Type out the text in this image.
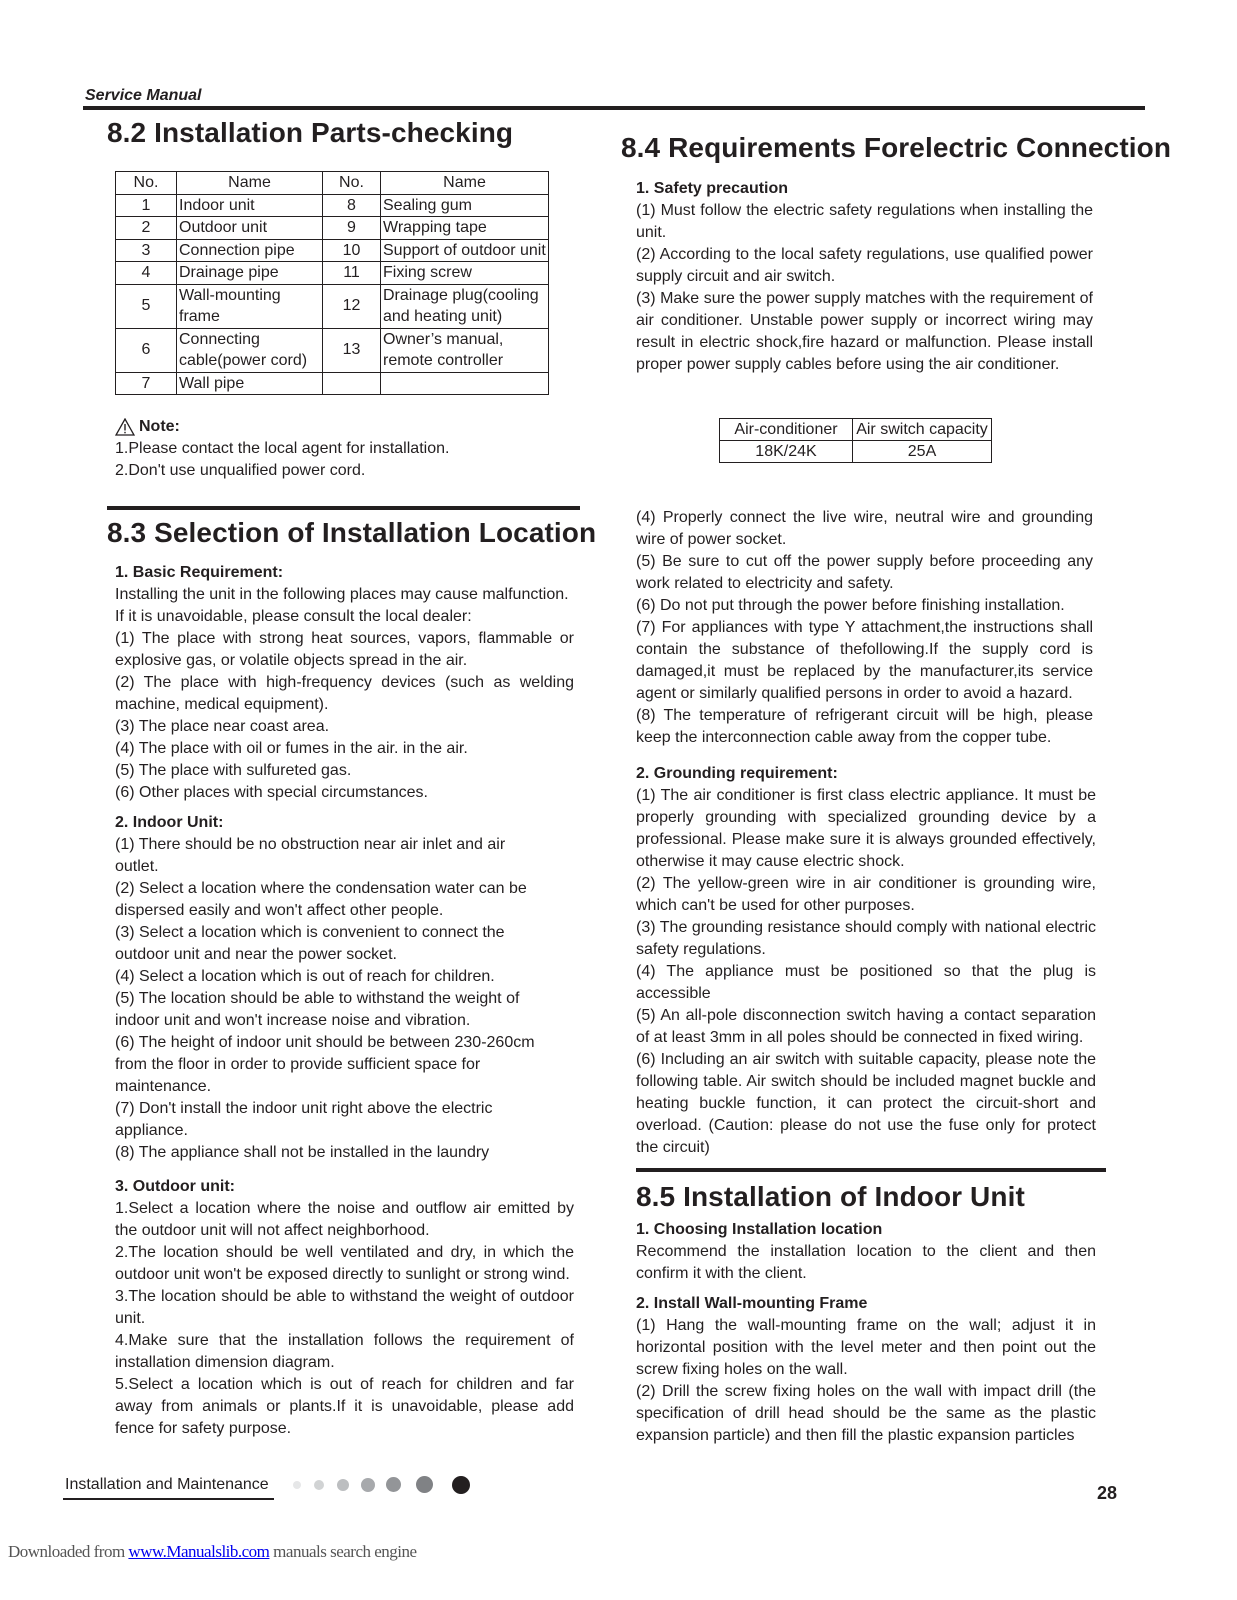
Service Manual
8.2 Installation Parts-checking
No.	Name	No.	Name
1	Indoor unit	8	Sealing gum
2	Outdoor unit	9	Wrapping tape
3	Connection pipe	10	Support of outdoor unit
4	Drainage pipe	11	Fixing screw
5	Wall-mounting frame	12	Drainage plug(cooling and heating unit)
6	Connecting cable(power cord)	13	Owner’s manual, remote controller
7	Wall pipe		
Note:

1.Please contact the local agent for installation.

2.Don't use unqualified power cord.

8.3 Selection of Installation Location
1. Basic Requirement:

Installing the unit in the following places may cause malfunction. If it is unavoidable, please consult the local dealer:

(1) The place with strong heat sources, vapors, flammable or explosive gas, or volatile objects spread in the air.

(2) The place with high-frequency devices (such as welding machine, medical equipment).

(3) The place near coast area.

(4) The place with oil or fumes in the air. in the air.

(5) The place with sulfureted gas.

(6) Other places with special circumstances.

2. Indoor Unit:

(1) There should be no obstruction near air inlet and air outlet.

(2) Select a location where the condensation water can be dispersed easily and won't affect other people.

(3) Select a location which is convenient to connect the outdoor unit and near the power socket.

(4) Select a location which is out of reach for children.

(5) The location should be able to withstand the weight of indoor unit and won't increase noise and vibration.

(6) The height of indoor unit should be between 230-260cm from the floor in order to provide sufficient space for maintenance.

(7) Don't install the indoor unit right above the electric appliance.

(8) The appliance shall not be installed in the laundry

3. Outdoor unit:

1.Select a location where the noise and outflow air emitted by the outdoor unit will not affect neighborhood.

2.The location should be well ventilated and dry, in which the outdoor unit won't be exposed directly to sunlight or strong wind.

3.The location should be able to withstand the weight of outdoor unit.

4.Make sure that the installation follows the requirement of installation dimension diagram.

5.Select a location which is out of reach for children and far away from animals or plants.If it is unavoidable, please add fence for safety purpose.

8.4 Requirements Forelectric Connection
1. Safety precaution

(1) Must follow the electric safety regulations when installing the unit.

(2) According to the local safety regulations, use qualified power supply circuit and air switch.

(3) Make sure the power supply matches with the requirement of air conditioner. Unstable power supply or incorrect wiring may result in electric shock,fire hazard or malfunction. Please install proper power supply cables before using the air conditioner.

Air-conditioner	Air switch capacity
18K/24K	25A

(4) Properly connect the live wire, neutral wire and grounding wire of power socket.

(5) Be sure to cut off the power supply before proceeding any work related to electricity and safety.

(6) Do not put through the power before finishing installation.

(7) For appliances with type Y attachment,the instructions shall contain the substance of thefollowing.If the supply cord is damaged,it must be replaced by the manufacturer,its service agent or similarly qualified persons in order to avoid a hazard.

(8) The temperature of refrigerant circuit will be high, please keep the interconnection cable away from the copper tube.

2. Grounding requirement:

(1) The air conditioner is first class electric appliance. It must be properly grounding with specialized grounding device by a professional. Please make sure it is always grounded effectively, otherwise it may cause electric shock.

(2) The yellow-green wire in air conditioner is grounding wire, which can't be used for other purposes.

(3) The grounding resistance should comply with national electric safety regulations.

(4) The appliance must be positioned so that the plug is accessible

(5) An all-pole disconnection switch having a contact separation of at least 3mm in all poles should be connected in fixed wiring.

(6) Including an air switch with suitable capacity, please note the following table. Air switch should be included magnet buckle and heating buckle function, it can protect the circuit-short and overload. (Caution: please do not use the fuse only for protect the circuit)

8.5 Installation of Indoor Unit
1. Choosing Installation location

Recommend the installation location to the client and then confirm it with the client.

2. Install Wall-mounting Frame

(1) Hang the wall-mounting frame on the wall; adjust it in horizontal position with the level meter and then point out the screw fixing holes on the wall.

(2) Drill the screw fixing holes on the wall with impact drill (the specification of drill head should be the same as the plastic expansion particle) and then fill the plastic expansion particles

Installation and Maintenance	28
Downloaded from www.Manualslib.com manuals search engine
